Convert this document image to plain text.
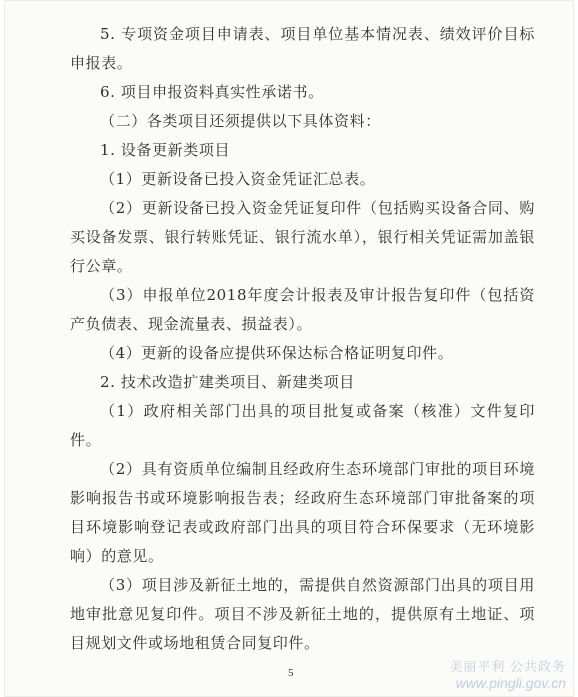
5. 专项资金项目申请表、项目单位基本情况表、绩效评价目标申报表。

6. 项目申报资料真实性承诺书。

（二）各类项目还须提供以下具体资料：

1. 设备更新类项目

（1）更新设备已投入资金凭证汇总表。

（2）更新设备已投入资金凭证复印件（包括购买设备合同、购买设备发票、银行转账凭证、银行流水单），银行相关凭证需加盖银行公章。

（3）申报单位2018年度会计报表及审计报告复印件（包括资产负债表、现金流量表、损益表）。

（4）更新的设备应提供环保达标合格证明复印件。

2. 技术改造扩建类项目、新建类项目

（1）政府相关部门出具的项目批复或备案（核准）文件复印件。

（2）具有资质单位编制且经政府生态环境部门审批的项目环境影响报告书或环境影响报告表；经政府生态环境部门审批备案的项目环境影响登记表或政府部门出具的项目符合环保要求（无环境影响）的意见。

（3）项目涉及新征土地的，需提供自然资源部门出具的项目用地审批意见复印件。项目不涉及新征土地的，提供原有土地证、项目规划文件或场地租赁合同复印件。

5	美丽平利 公共政务
www.pingli.gov.cn
